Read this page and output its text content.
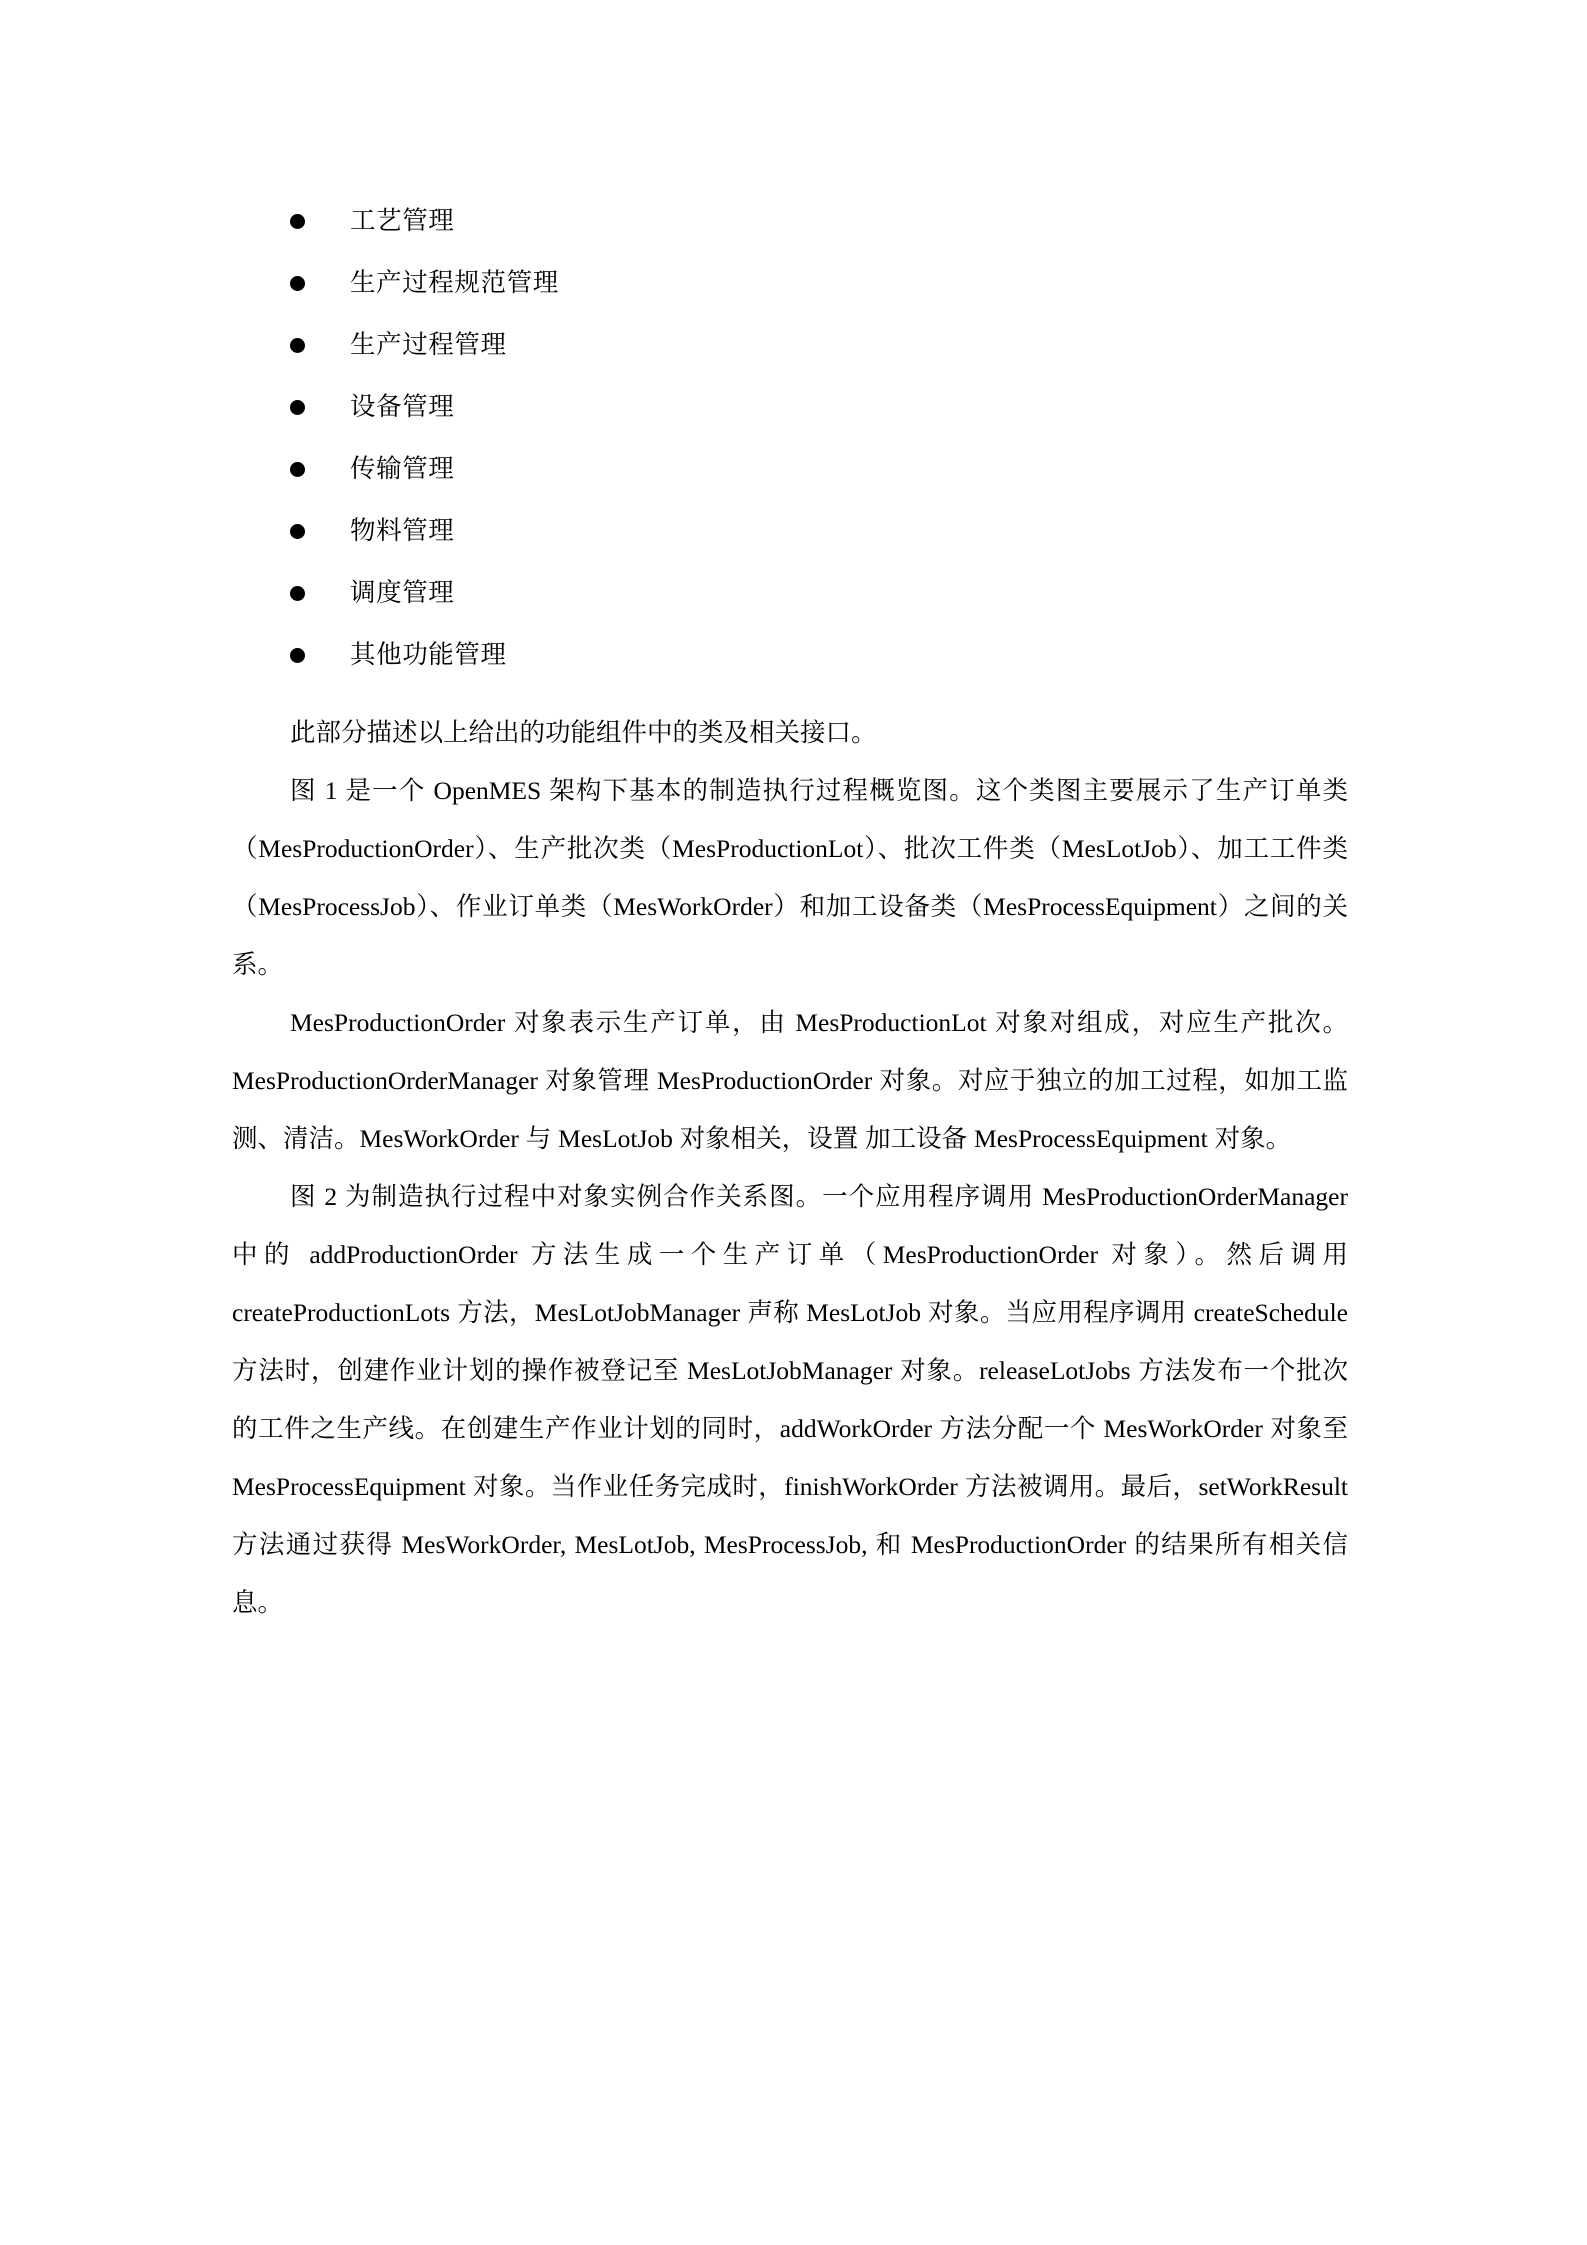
工艺管理
生产过程规范管理
生产过程管理
设备管理
传输管理
物料管理
调度管理
其他功能管理

此部分描述以上给出的功能组件中的类及相关接口。

图 1 是一个 OpenMES 架构下基本的制造执行过程概览图。这个类图主要展示了生产订单类（MesProductionOrder）、生产批次类（MesProductionLot）、批次工件类（MesLotJob）、加工工件类（MesProcessJob）、作业订单类（MesWorkOrder）和加工设备类（MesProcessEquipment）之间的关系。

MesProductionOrder 对象表示生产订单，由 MesProductionLot 对象对组成，对应生产批次。MesProductionOrderManager 对象管理 MesProductionOrder 对象。对应于独立的加工过程，如加工监测、清洁。MesWorkOrder 与 MesLotJob 对象相关，设置 加工设备 MesProcessEquipment 对象。

图 2 为制造执行过程中对象实例合作关系图。一个应用程序调用 MesProductionOrderManager 中的 addProductionOrder 方法生成一个生产订单（MesProductionOrder 对象）。然后调用 createProductionLots 方法，MesLotJobManager 声称 MesLotJob 对象。当应用程序调用 createSchedule 方法时，创建作业计划的操作被登记至 MesLotJobManager 对象。releaseLotJobs 方法发布一个批次的工件之生产线。在创建生产作业计划的同时，addWorkOrder 方法分配一个 MesWorkOrder 对象至 MesProcessEquipment 对象。当作业任务完成时，finishWorkOrder 方法被调用。最后，setWorkResult 方法通过获得 MesWorkOrder, MesLotJob, MesProcessJob, 和 MesProductionOrder 的结果所有相关信息。
